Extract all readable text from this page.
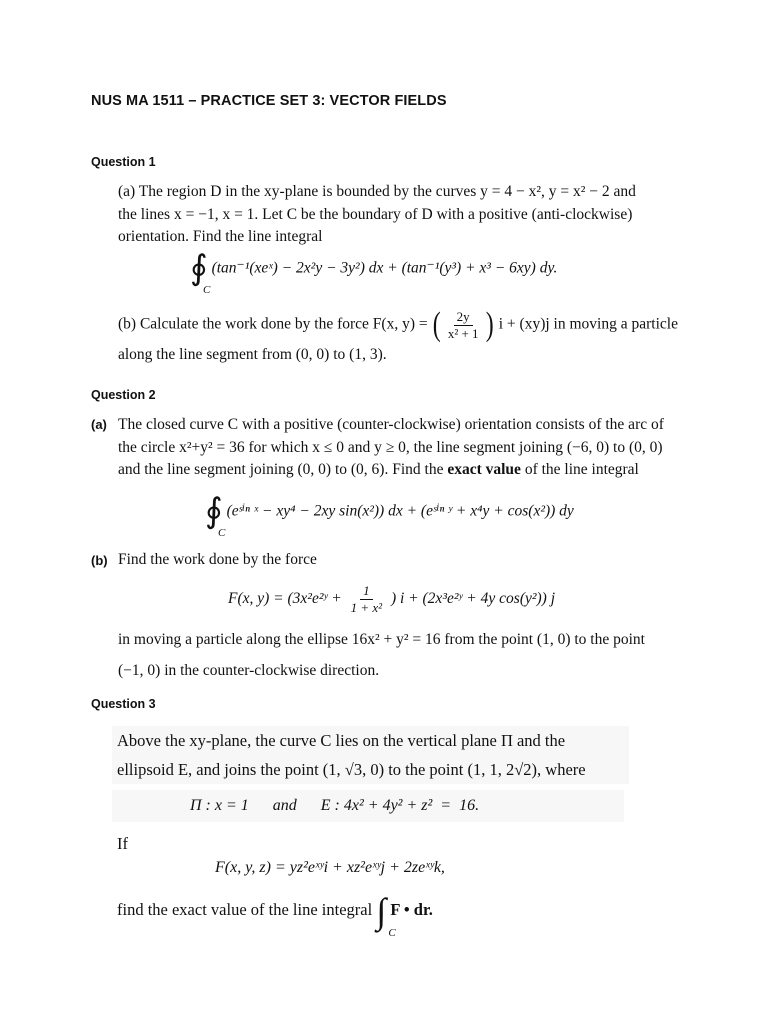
NUS MA 1511 – PRACTICE SET 3: VECTOR FIELDS
Question 1

(a) The region D in the xy-plane is bounded by the curves y = 4 − x², y = x² − 2 and

the lines x = −1, x = 1. Let C be the boundary of D with a positive (anti-clockwise)

orientation. Find the line integral

∮
C
(tan⁻¹(xeˣ) − 2x²y − 3y²) dx + (tan⁻¹(y³) + x³ − 6xy) dy.
(b) Calculate the work done by the force F(x, y) = ( $\frac{2y}{\text{x² + 1}}$ ) i + (xy)j in moving a particle
along the line segment from (0, 0) to (1, 3).
Question 2
(a) The closed curve C with a positive (counter-clockwise) orientation consists of the arc of

the circle x²+y² = 36 for which x ≤ 0 and y ≥ 0, the line segment joining (−6, 0) to (0, 0)

and the line segment joining (0, 0) to (0, 6). Find the exact value of the line integral

∮
C
(eˢⁱⁿ ˣ − xy⁴ − 2xy sin(x²)) dx + (eˢⁱⁿ ʸ + x⁴y + cos(x²)) dy
(b) Find the work done by the force
F(x, y) = (3x²e²ʸ + $\frac{1}{\text{1 + x²}}$ ) i + (2x³e²ʸ + 4y cos(y²)) j

in moving a particle along the ellipse 16x² + y² = 16 from the point (1, 0) to the point

(−1, 0) in the counter-clockwise direction.

Question 3
Above the xy-plane, the curve C lies on the vertical plane Π and the
ellipsoid E, and joins the point (1, √3, 0) to the point (1, 1, 2√2), where
Π : x = 1      and      E : 4x² + 4y² + z²  =  16.
If
F(x, y, z) = yz²eˣʸi + xz²eˣʸj + 2zeˣʸk,
find the exact value of the line integral ∫
C
F • dr.
